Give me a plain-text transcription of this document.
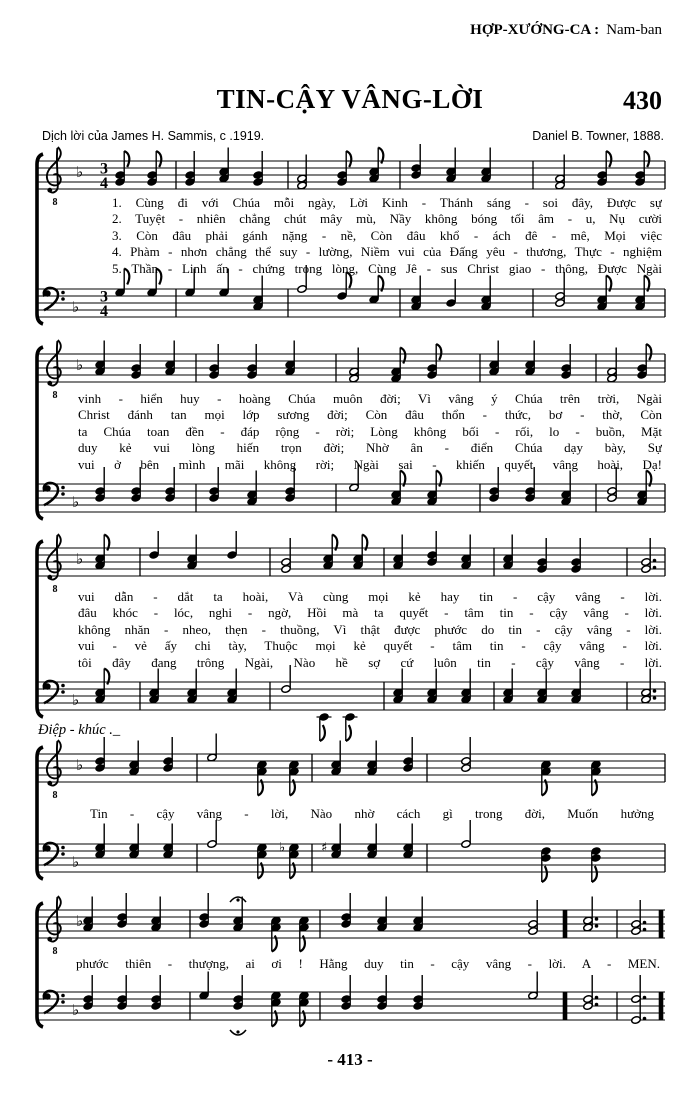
HỢP-XƯỚNG-CA : Nam-ban
TIN-CẬY VÂNG-LỜI	430
Dịch lời của James H. Sammis, c .1919.	Daniel B. Towner, 1888.
8
♭ 3
4
♭
3
4
8
♭
♭
8
♭
♭
8
♭
♭
♭	♯
8
♭
♭
1. Cùng đi với Chúa mỗi ngày, Lời Kinh - Thánh sáng - soi đây, Được sự
2. Tuyệt - nhiên chẳng chút mây mù, Nầy không bóng tối âm - u, Nụ cười
3. Còn đâu phải gánh nặng - nề, Còn đâu khổ - ách đê - mê, Mọi việc
4. Phàm - nhơn chẳng thể suy - lường, Niềm vui của Đấng yêu - thương, Thực - nghiệm
5. Thần - Linh ấn - chứng trong lòng, Cùng Jê - sus Christ giao - thông, Được Ngài
vinh - hiển huy - hoàng Chúa muôn đời; Vì vâng ý Chúa trên trời, Ngài
Christ đánh tan mọi lớp sương đời; Còn đâu thổn - thức, bơ - thờ, Còn
ta Chúa toan đền - đáp rộng - rời; Lòng không bối - rối, lo - buồn, Mặt
duy kẻ vui lòng hiến trọn đời; Nhờ ân - điển Chúa dạy bày, Sự
vui ở bên mình mãi không rời; Ngài sai - khiến quyết vâng hoài, Dạ!
vui dẫn - dắt ta hoài, Và cùng mọi kẻ hay tin - cậy vâng - lời.
đâu khóc - lóc, nghi - ngờ, Hồi mà ta quyết - tâm tin - cậy vâng - lời.
không nhăn - nheo, thẹn - thuồng, Vì thật được phước do tin - cậy vâng - lời.
vui - vẻ ấy chi tày, Thuộc mọi kẻ quyết - tâm tin - cậy vâng - lời.
tôi đây đang trông Ngài, Nào hề sợ cứ luôn tin - cậy vâng - lời.
Điệp - khúc ._
Tin - cậy vâng - lời, Nào nhờ cách gì trong đời, Muốn hưởng
phước thiên - thượng, ai ơi ! Hằng duy tin - cậy vâng - lời. A - MEN.
- 413 -
